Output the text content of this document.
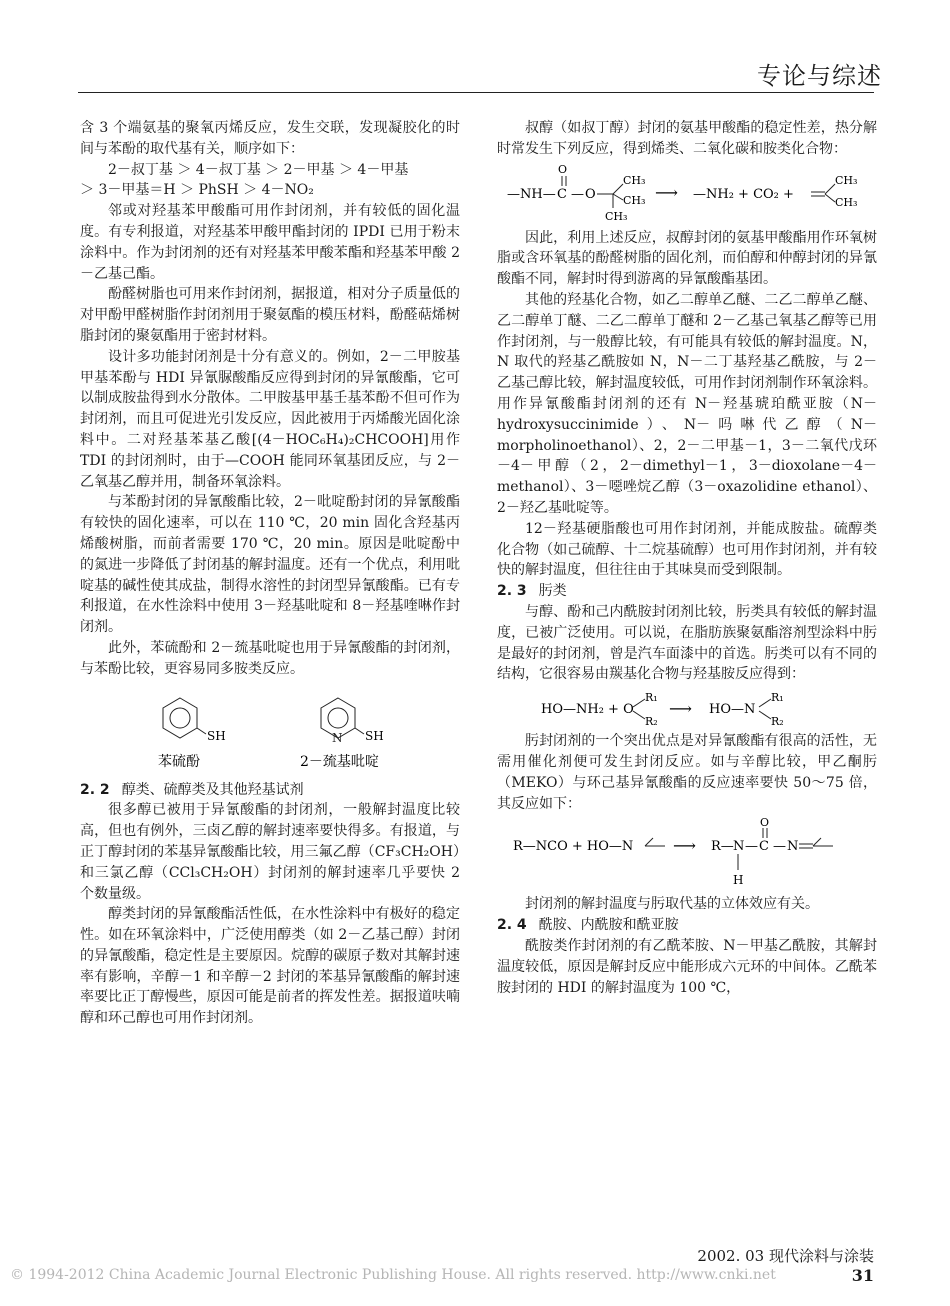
专论与综述

含 3 个端氨基的聚氧丙烯反应，发生交联，发现凝胶化的时间与苯酚的取代基有关，顺序如下：

2－叔丁基 ＞ 4－叔丁基 ＞ 2－甲基 ＞ 4－甲基

＞ 3－甲基＝H ＞ PhSH ＞ 4－NO₂

邻或对羟基苯甲酸酯可用作封闭剂，并有较低的固化温度。有专利报道，对羟基苯甲酸甲酯封闭的 IPDI 已用于粉末涂料中。作为封闭剂的还有对羟基苯甲酸苯酯和羟基苯甲酸 2－乙基己酯。

酚醛树脂也可用来作封闭剂，据报道，相对分子质量低的对甲酚甲醛树脂作封闭剂用于聚氨酯的模压材料，酚醛萜烯树脂封闭的聚氨酯用于密封材料。

设计多功能封闭剂是十分有意义的。例如，2－二甲胺基甲基苯酚与 HDI 异氰脲酸酯反应得到封闭的异氰酸酯，它可以制成胺盐得到水分散体。二甲胺基甲基壬基苯酚不但可作为封闭剂，而且可促进光引发反应，因此被用于丙烯酸光固化涂料中。二对羟基苯基乙酸[(4－HOC₆H₄)₂CHCOOH]用作 TDI 的封闭剂时，由于—COOH 能同环氧基团反应，与 2－乙氧基乙醇并用，制备环氧涂料。

与苯酚封闭的异氰酸酯比较，2－吡啶酚封闭的异氰酸酯有较快的固化速率，可以在 110 ℃，20 min 固化含羟基丙烯酸树脂，而前者需要 170 ℃，20 min。原因是吡啶酚中的氮进一步降低了封闭基的解封温度。还有一个优点，利用吡啶基的碱性使其成盐，制得水溶性的封闭型异氰酸酯。已有专利报道，在水性涂料中使用 3－羟基吡啶和 8－羟基喹啉作封闭剂。

此外，苯硫酚和 2－巯基吡啶也用于异氰酸酯的封闭剂，与苯酚比较，更容易同多胺类反应。

SH	N SH
苯硫酚	2－巯基吡啶

2. 2 醇类、硫醇类及其他羟基试剂

很多醇已被用于异氰酸酯的封闭剂，一般解封温度比较高，但也有例外，三卤乙醇的解封速率要快得多。有报道，与正丁醇封闭的苯基异氰酸酯比较，用三氟乙醇（CF₃CH₂OH）和三氯乙醇（CCl₃CH₂OH）封闭剂的解封速率几乎要快 2 个数量级。

醇类封闭的异氰酸酯活性低，在水性涂料中有极好的稳定性。如在环氧涂料中，广泛使用醇类（如 2－乙基己醇）封闭的异氰酸酯，稳定性是主要原因。烷醇的碳原子数对其解封速率有影响，辛醇－1 和辛醇－2 封闭的苯基异氰酸酯的解封速率要比正丁醇慢些，原因可能是前者的挥发性差。据报道呋喃醇和环己醇也可用作封闭剂。

叔醇（如叔丁醇）封闭的氨基甲酸酯的稳定性差，热分解时常发生下列反应，得到烯类、二氧化碳和胺类化合物：

—NH— C
O
— O
CH₃
CH₃
CH₃
⟶ —NH₂ + CO₂ +
CH₃
CH₃

因此，利用上述反应，叔醇封闭的氨基甲酸酯用作环氧树脂或含环氧基的酚醛树脂的固化剂，而伯醇和仲醇封闭的异氰酸酯不同，解封时得到游离的异氰酸酯基团。

其他的羟基化合物，如乙二醇单乙醚、二乙二醇单乙醚、乙二醇单丁醚、二乙二醇单丁醚和 2－乙基己氧基乙醇等已用作封闭剂，与一般醇比较，有可能具有较低的解封温度。N，N 取代的羟基乙酰胺如 N，N－二丁基羟基乙酰胺，与 2－乙基己醇比较，解封温度较低，可用作封闭剂制作环氧涂料。用作异氰酸酯封闭剂的还有 N－羟基琥珀酰亚胺（N－hydroxysuccinimide）、N－吗啉代乙醇（N－morpholinoethanol）、2，2－二甲基－1，3－二氧代戊环－4－甲醇（2，2－dimethyl－1，3－dioxolane－4－methanol）、3－噁唑烷乙醇（3－oxazolidine ethanol）、2－羟乙基吡啶等。

12－羟基硬脂酸也可用作封闭剂，并能成胺盐。硫醇类化合物（如己硫醇、十二烷基硫醇）也可用作封闭剂，并有较快的解封温度，但往往由于其味臭而受到限制。

2. 3 肟类

与醇、酚和己内酰胺封闭剂比较，肟类具有较低的解封温度，已被广泛使用。可以说，在脂肪族聚氨酯溶剂型涂料中肟是最好的封闭剂，曾是汽车面漆中的首选。肟类可以有不同的结构，它很容易由羰基化合物与羟基胺反应得到：

HO—NH₂ + O
R₁
R₂
⟶ HO—N
R₁
R₂

肟封闭剂的一个突出优点是对异氰酸酯有很高的活性，无需用催化剂便可发生封闭反应。如与辛醇比较，甲乙酮肟（MEKO）与环己基异氰酸酯的反应速率要快 50～75 倍，其反应如下：

R—NCO + HO—N ⟶ R— N
H
— C
O
— N

封闭剂的解封温度与肟取代基的立体效应有关。

2. 4 酰胺、内酰胺和酰亚胺

酰胺类作封闭剂的有乙酰苯胺、N－甲基乙酰胺，其解封温度较低，原因是解封反应中能形成六元环的中间体。乙酰苯胺封闭的 HDI 的解封温度为 100 ℃，

2002. 03 现代涂料与涂装
31
© 1994-2012 China Academic Journal Electronic Publishing House. All rights reserved. http://www.cnki.net
